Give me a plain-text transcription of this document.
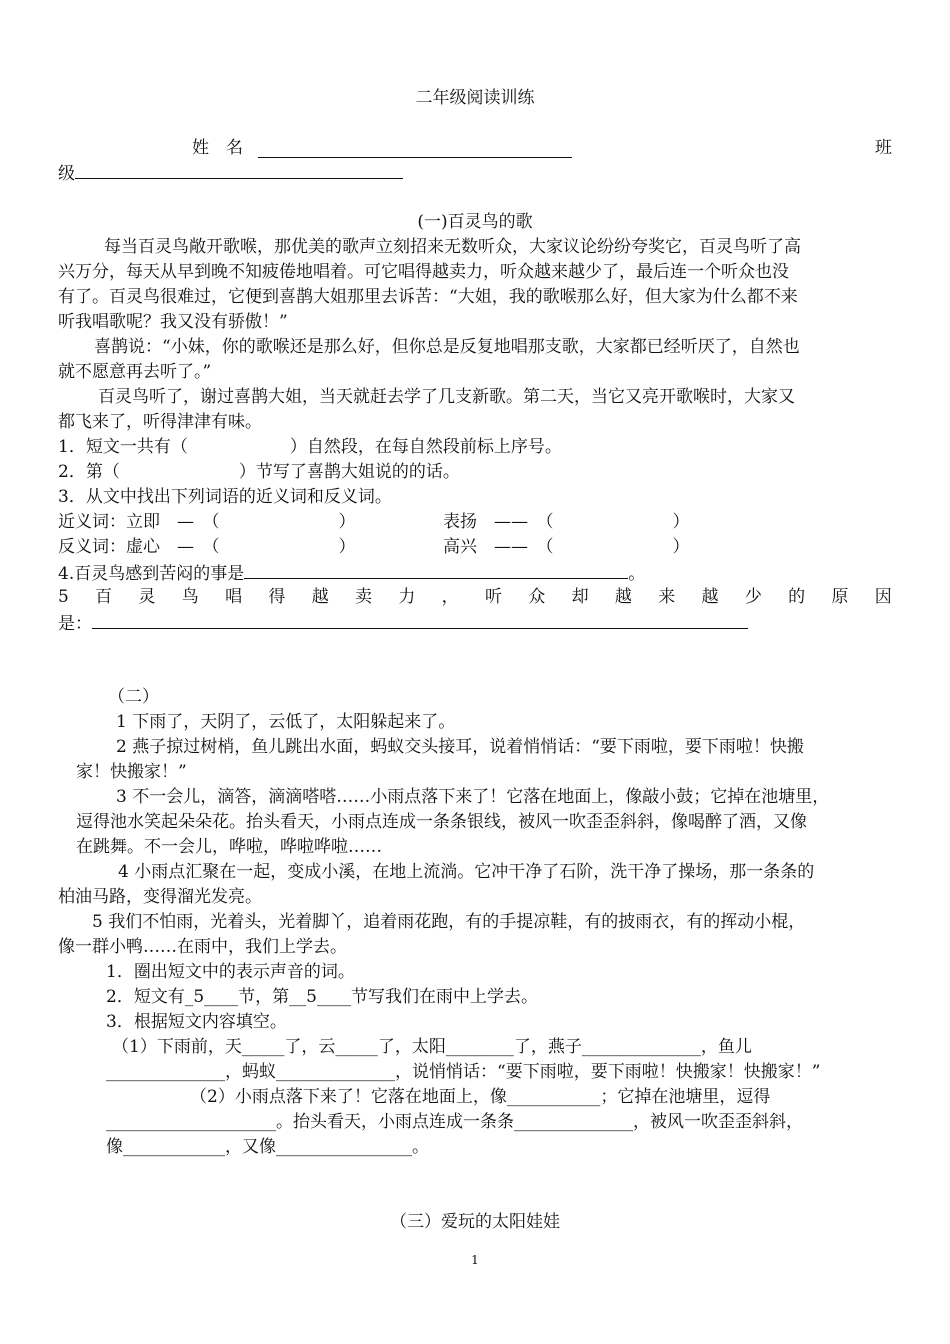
二年级阅读训练
姓　名	班
级
(一)百灵鸟的歌
每当百灵鸟敞开歌喉，那优美的歌声立刻招来无数听众，大家议论纷纷夸奖它，百灵鸟听了高
兴万分，每天从早到晚不知疲倦地唱着。可它唱得越卖力，听众越来越少了，最后连一个听众也没
有了。百灵鸟很难过，它便到喜鹊大姐那里去诉苦：“大姐，我的歌喉那么好，但大家为什么都不来
听我唱歌呢？我又没有骄傲！”
喜鹊说：“小妹，你的歌喉还是那么好，但你总是反复地唱那支歌，大家都已经听厌了，自然也
就不愿意再去听了。”
百灵鸟听了，谢过喜鹊大姐，当天就赶去学了几支新歌。第二天，当它又亮开歌喉时，大家又
都飞来了，听得津津有味。
1．短文一共有（　　　　　　）自然段，在每自然段前标上序号。
2．第（　　　　　　　）节写了喜鹊大姐说的的话。
3．从文中找出下列词语的近义词和反义词。
近义词：立即　—　（　　　　　　　）	表扬　——　（　　　　　　　）
反义词：虚心　—　（　　　　　　　）	高兴　——　（　　　　　　　）
4.百灵鸟感到苦闷的事是	。
5 百 灵 鸟 唱 得 越 卖 力 ， 听 众 却 越 来 越 少 的 原 因
是：
（二）
1 下雨了，天阴了，云低了，太阳躲起来了。
2 燕子掠过树梢，鱼儿跳出水面，蚂蚁交头接耳，说着悄悄话：“要下雨啦，要下雨啦！快搬
家！快搬家！”
3 不一会儿，滴答，滴滴嗒嗒……小雨点落下来了！它落在地面上，像敲小鼓；它掉在池塘里，
逗得池水笑起朵朵花。抬头看天，小雨点连成一条条银线，被风一吹歪歪斜斜，像喝醉了酒，又像
在跳舞。不一会儿，哗啦，哗啦哗啦……
4 小雨点汇聚在一起，变成小溪，在地上流淌。它冲干净了石阶，洗干净了操场，那一条条的
柏油马路，变得溜光发亮。
5 我们不怕雨，光着头，光着脚丫，追着雨花跑，有的手提凉鞋，有的披雨衣，有的挥动小棍，
像一群小鸭……在雨中，我们上学去。
1．圈出短文中的表示声音的词。
2．短文有_5____节，第__5____节写我们在雨中上学去。
3．根据短文内容填空。
（1）下雨前，天_____了，云_____了，太阳________了，燕子______________，鱼儿
______________，蚂蚁______________，说悄悄话：“要下雨啦，要下雨啦！快搬家！快搬家！”
（2）小雨点落下来了！它落在地面上，像___________；它掉在池塘里，逗得
____________________。抬头看天，小雨点连成一条条______________，被风一吹歪歪斜斜，
像____________，又像________________。
（三）爱玩的太阳娃娃
1
